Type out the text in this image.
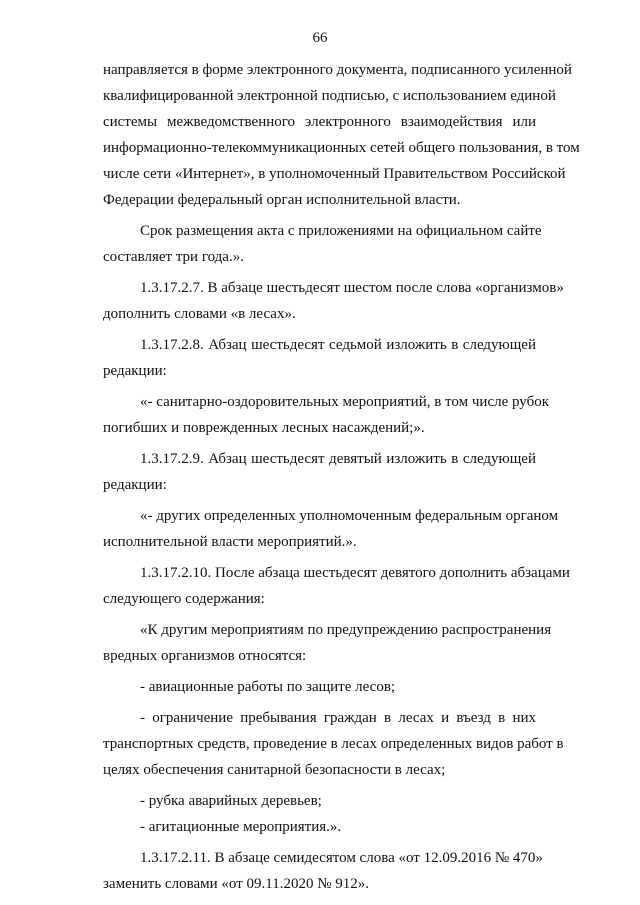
66
направляется в форме электронного документа, подписанного усиленной
квалифицированной электронной подписью, с использованием единой
системы межведомственного электронного взаимодействия или
информационно-телекоммуникационных сетей общего пользования, в том
числе сети «Интернет», в уполномоченный Правительством Российской
Федерации федеральный орган исполнительной власти.
Срок размещения акта с приложениями на официальном сайте
составляет три года.».
1.3.17.2.7. В абзаце шестьдесят шестом после слова «организмов»
дополнить словами «в лесах».
1.3.17.2.8. Абзац шестьдесят седьмой изложить в следующей
редакции:
«- санитарно-оздоровительных мероприятий, в том числе рубок
погибших и поврежденных лесных насаждений;».
1.3.17.2.9. Абзац шестьдесят девятый изложить в следующей
редакции:
«- других определенных уполномоченным федеральным органом
исполнительной власти мероприятий.».
1.3.17.2.10. После абзаца шестьдесят девятого дополнить абзацами
следующего содержания:
«К другим мероприятиям по предупреждению распространения
вредных организмов относятся:
- авиационные работы по защите лесов;
- ограничение пребывания граждан в лесах и въезд в них
транспортных средств, проведение в лесах определенных видов работ в
целях обеспечения санитарной безопасности в лесах;
- рубка аварийных деревьев;
- агитационные мероприятия.».
1.3.17.2.11. В абзаце семидесятом слова «от 12.09.2016 № 470»
заменить словами «от 09.11.2020 № 912».
